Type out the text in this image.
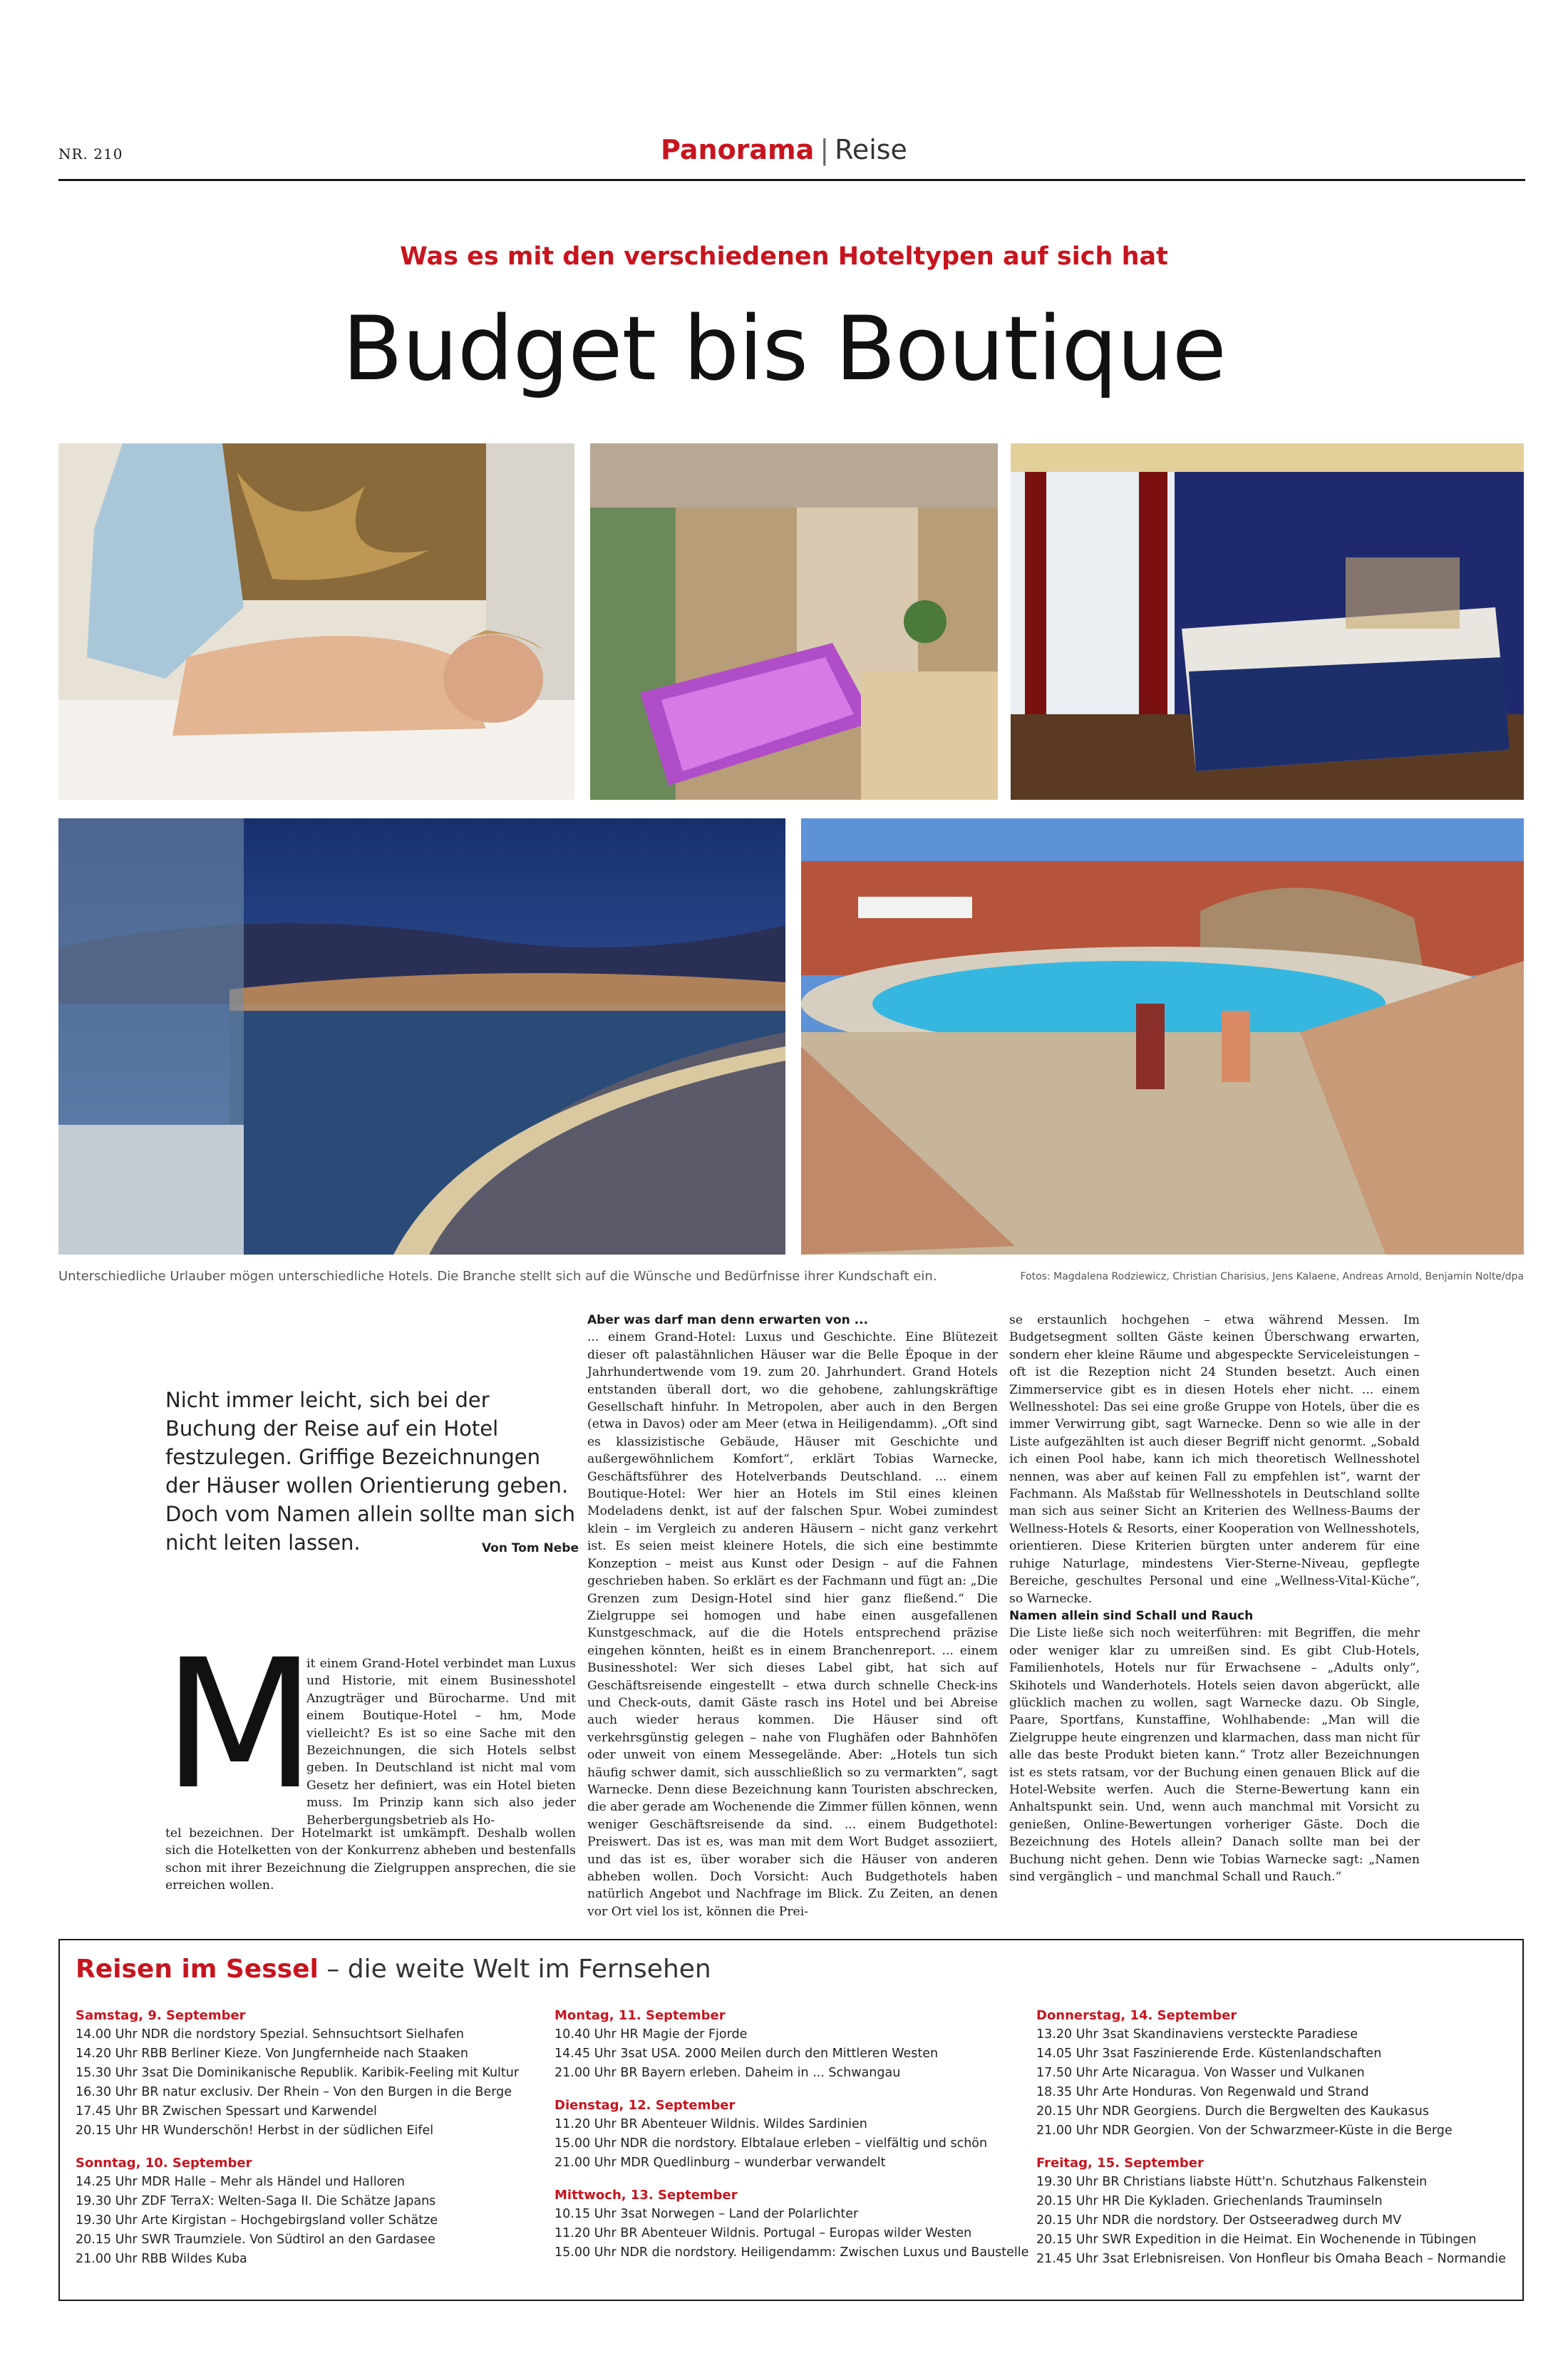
NR. 210	Panorama | Reise
Was es mit den verschiedenen Hoteltypen auf sich hat
Budget bis Boutique
Unterschiedliche Urlauber mögen unterschiedliche Hotels. Die Branche stellt sich auf die Wünsche und Bedürfnisse ihrer Kundschaft ein.	Fotos: Magdalena Rodziewicz, Christian Charisius, Jens Kalaene, Andreas Arnold, Benjamin Nolte/dpa
Nicht immer leicht, sich bei der Buchung der Reise auf ein Hotel festzulegen. Griffige Bezeichnungen der Häuser wollen Orientierung geben. Doch vom Namen allein sollte man sich nicht leiten lassen.	Von Tom Nebe
M

it einem Grand-Hotel verbindet man Luxus und Historie, mit einem Businesshotel Anzugträger und Bürocharme. Und mit einem Boutique-Hotel – hm, Mode vielleicht? Es ist so eine Sache mit den Bezeichnungen, die sich Hotels selbst geben. In Deutschland ist nicht mal vom Gesetz her definiert, was ein Hotel bieten muss. Im Prinzip kann sich also jeder Beherbergungsbetrieb als Ho-

tel bezeichnen. Der Hotelmarkt ist umkämpft. Deshalb wollen sich die Hotelketten von der Konkurrenz abheben und bestenfalls schon mit ihrer Bezeichnung die Zielgruppen ansprechen, die sie erreichen wollen.

Aber was darf man denn erwarten von ...

... einem Grand-Hotel: Luxus und Geschichte. Eine Blütezeit dieser oft palastähnlichen Häuser war die Belle Époque in der Jahrhundertwende vom 19. zum 20. Jahrhundert. Grand Hotels entstanden überall dort, wo die gehobene, zahlungskräftige Gesellschaft hinfuhr. In Metropolen, aber auch in den Bergen (etwa in Davos) oder am Meer (etwa in Heiligendamm). „Oft sind es klassizistische Gebäude, Häuser mit Geschichte und außergewöhnlichem Komfort“, erklärt Tobias Warnecke, Geschäftsführer des Hotelverbands Deutschland. ... einem Boutique-Hotel: Wer hier an Hotels im Stil eines kleinen Modeladens denkt, ist auf der falschen Spur. Wobei zumindest klein – im Vergleich zu anderen Häusern – nicht ganz verkehrt ist. Es seien meist kleinere Hotels, die sich eine bestimmte Konzeption – meist aus Kunst oder Design – auf die Fahnen geschrieben haben. So erklärt es der Fachmann und fügt an: „Die Grenzen zum Design-Hotel sind hier ganz fließend.“ Die Zielgruppe sei homogen und habe einen ausgefallenen Kunstgeschmack, auf die die Hotels entsprechend präzise eingehen könnten, heißt es in einem Branchenreport. ... einem Businesshotel: Wer sich dieses Label gibt, hat sich auf Geschäftsreisende eingestellt – etwa durch schnelle Check-ins und Check-outs, damit Gäste rasch ins Hotel und bei Abreise auch wieder heraus kommen. Die Häuser sind oft verkehrsgünstig gelegen – nahe von Flughäfen oder Bahnhöfen oder unweit von einem Messegelände. Aber: „Hotels tun sich häufig schwer damit, sich ausschließlich so zu vermarkten“, sagt Warnecke. Denn diese Bezeichnung kann Touristen abschrecken, die aber gerade am Wochenende die Zimmer füllen können, wenn weniger Geschäftsreisende da sind. ... einem Budgethotel: Preiswert. Das ist es, was man mit dem Wort Budget assoziiert, und das ist es, über woraber sich die Häuser von anderen abheben wollen. Doch Vorsicht: Auch Budgethotels haben natürlich Angebot und Nachfrage im Blick. Zu Zeiten, an denen vor Ort viel los ist, können die Prei-

se erstaunlich hochgehen – etwa während Messen. Im Budgetsegment sollten Gäste keinen Überschwang erwarten, sondern eher kleine Räume und abgespeckte Serviceleistungen – oft ist die Rezeption nicht 24 Stunden besetzt. Auch einen Zimmerservice gibt es in diesen Hotels eher nicht. ... einem Wellnesshotel: Das sei eine große Gruppe von Hotels, über die es immer Verwirrung gibt, sagt Warnecke. Denn so wie alle in der Liste aufgezählten ist auch dieser Begriff nicht genormt. „Sobald ich einen Pool habe, kann ich mich theoretisch Wellnesshotel nennen, was aber auf keinen Fall zu empfehlen ist“, warnt der Fachmann. Als Maßstab für Wellnesshotels in Deutschland sollte man sich aus seiner Sicht an Kriterien des Wellness-Baums der Wellness-Hotels & Resorts, einer Kooperation von Wellnesshotels, orientieren. Diese Kriterien bürgten unter anderem für eine ruhige Naturlage, mindestens Vier-Sterne-Niveau, gepflegte Bereiche, geschultes Personal und eine „Wellness-Vital-Küche“, so Warnecke.

Namen allein sind Schall und Rauch

Die Liste ließe sich noch weiterführen: mit Begriffen, die mehr oder weniger klar zu umreißen sind. Es gibt Club-Hotels, Familienhotels, Hotels nur für Erwachsene – „Adults only“, Skihotels und Wanderhotels. Hotels seien davon abgerückt, alle glücklich machen zu wollen, sagt Warnecke dazu. Ob Single, Paare, Sportfans, Kunstaffine, Wohlhabende: „Man will die Zielgruppe heute eingrenzen und klarmachen, dass man nicht für alle das beste Produkt bieten kann.“ Trotz aller Bezeichnungen ist es stets ratsam, vor der Buchung einen genauen Blick auf die Hotel-Website werfen. Auch die Sterne-Bewertung kann ein Anhaltspunkt sein. Und, wenn auch manchmal mit Vorsicht zu genießen, Online-Bewertungen vorheriger Gäste. Doch die Bezeichnung des Hotels allein? Danach sollte man bei der Buchung nicht gehen. Denn wie Tobias Warnecke sagt: „Namen sind vergänglich – und manchmal Schall und Rauch.“

Reisen im Sessel – die weite Welt im Fernsehen
Samstag, 9. September
14.00 Uhr NDR die nordstory Spezial. Sehnsuchtsort Sielhafen
14.20 Uhr RBB Berliner Kieze. Von Jungfernheide nach Staaken
15.30 Uhr 3sat Die Dominikanische Republik. Karibik-Feeling mit Kultur
16.30 Uhr BR natur exclusiv. Der Rhein – Von den Burgen in die Berge
17.45 Uhr BR Zwischen Spessart und Karwendel
20.15 Uhr HR Wunderschön! Herbst in der südlichen Eifel
Sonntag, 10. September
14.25 Uhr MDR Halle – Mehr als Händel und Halloren
19.30 Uhr ZDF TerraX: Welten-Saga II. Die Schätze Japans
19.30 Uhr Arte Kirgistan – Hochgebirgsland voller Schätze
20.15 Uhr SWR Traumziele. Von Südtirol an den Gardasee
21.00 Uhr RBB Wildes Kuba
Montag, 11. September
10.40 Uhr HR Magie der Fjorde
14.45 Uhr 3sat USA. 2000 Meilen durch den Mittleren Westen
21.00 Uhr BR Bayern erleben. Daheim in ... Schwangau
Dienstag, 12. September
11.20 Uhr BR Abenteuer Wildnis. Wildes Sardinien
15.00 Uhr NDR die nordstory. Elbtalaue erleben – vielfältig und schön
21.00 Uhr MDR Quedlinburg – wunderbar verwandelt
Mittwoch, 13. September
10.15 Uhr 3sat Norwegen – Land der Polarlichter
11.20 Uhr BR Abenteuer Wildnis. Portugal – Europas wilder Westen
15.00 Uhr NDR die nordstory. Heiligendamm: Zwischen Luxus und Baustelle
Donnerstag, 14. September
13.20 Uhr 3sat Skandinaviens versteckte Paradiese
14.05 Uhr 3sat Faszinierende Erde. Küstenlandschaften
17.50 Uhr Arte Nicaragua. Von Wasser und Vulkanen
18.35 Uhr Arte Honduras. Von Regenwald und Strand
20.15 Uhr NDR Georgiens. Durch die Bergwelten des Kaukasus
21.00 Uhr NDR Georgien. Von der Schwarzmeer-Küste in die Berge
Freitag, 15. September
19.30 Uhr BR Christians liabste Hütt'n. Schutzhaus Falkenstein
20.15 Uhr HR Die Kykladen. Griechenlands Trauminseln
20.15 Uhr NDR die nordstory. Der Ostseeradweg durch MV
20.15 Uhr SWR Expedition in die Heimat. Ein Wochenende in Tübingen
21.45 Uhr 3sat Erlebnisreisen. Von Honfleur bis Omaha Beach – Normandie
